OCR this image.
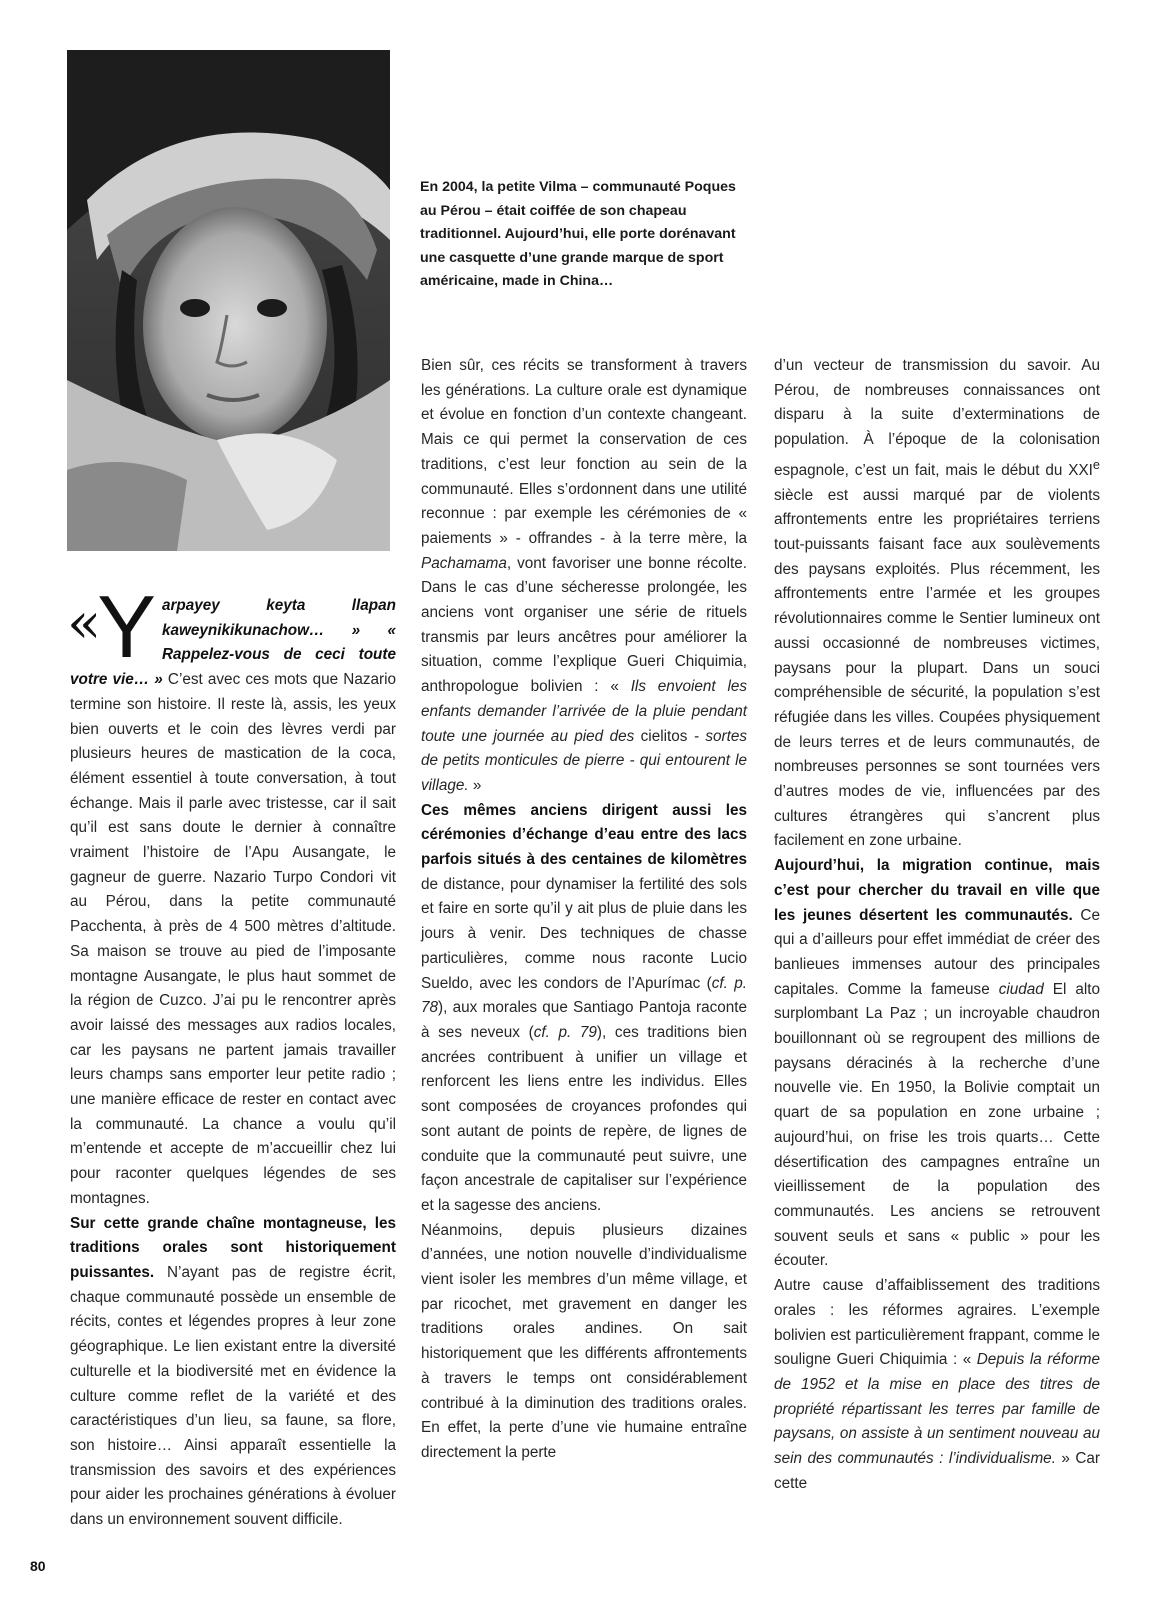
En 2004, la petite Vilma – communauté Poques au Pérou – était coiffée de son chapeau traditionnel. Aujourd’hui, elle porte dorénavant une casquette d’une grande marque de sport américaine, made in China…

« Y arpayey keyta llapan kaweynikikunachow… » « Rappelez-vous de ceci toute votre vie… » C’est avec ces mots que Nazario termine son histoire. Il reste là, assis, les yeux bien ouverts et le coin des lèvres verdi par plusieurs heures de mastication de la coca, élément essentiel à toute conversation, à tout échange. Mais il parle avec tristesse, car il sait qu’il est sans doute le dernier à connaître vraiment l’histoire de l’Apu Ausangate, le gagneur de guerre. Nazario Turpo Condori vit au Pérou, dans la petite communauté Pacchenta, à près de 4 500 mètres d’altitude. Sa maison se trouve au pied de l’imposante montagne Ausangate, le plus haut sommet de la région de Cuzco. J’ai pu le rencontrer après avoir laissé des messages aux radios locales, car les paysans ne partent jamais travailler leurs champs sans emporter leur petite radio ; une manière efficace de rester en contact avec la communauté. La chance a voulu qu’il m’entende et accepte de m’accueillir chez lui pour raconter quelques légendes de ses montagnes.

Sur cette grande chaîne montagneuse, les traditions orales sont historiquement puissantes. N’ayant pas de registre écrit, chaque communauté possède un ensemble de récits, contes et légendes propres à leur zone géographique. Le lien existant entre la diversité culturelle et la biodiversité met en évidence la culture comme reflet de la variété et des caractéristiques d’un lieu, sa faune, sa flore, son histoire… Ainsi apparaît essentielle la transmission des savoirs et des expériences pour aider les prochaines générations à évoluer dans un environnement souvent difficile.

Bien sûr, ces récits se transforment à travers les générations. La culture orale est dynamique et évolue en fonction d’un contexte changeant. Mais ce qui permet la conservation de ces traditions, c’est leur fonction au sein de la communauté. Elles s’ordonnent dans une utilité reconnue : par exemple les cérémonies de « paiements » - offrandes - à la terre mère, la Pachamama, vont favoriser une bonne récolte. Dans le cas d’une sécheresse prolongée, les anciens vont organiser une série de rituels transmis par leurs ancêtres pour améliorer la situation, comme l’explique Gueri Chiquimia, anthropologue bolivien : « Ils envoient les enfants demander l’arrivée de la pluie pendant toute une journée au pied des cielitos - sortes de petits monticules de pierre - qui entourent le village. »

Ces mêmes anciens dirigent aussi les cérémonies d’échange d’eau entre des lacs parfois situés à des centaines de kilomètres de distance, pour dynamiser la fertilité des sols et faire en sorte qu’il y ait plus de pluie dans les jours à venir. Des techniques de chasse particulières, comme nous raconte Lucio Sueldo, avec les condors de l’Apurímac (cf. p. 78), aux morales que Santiago Pantoja raconte à ses neveux (cf. p. 79), ces traditions bien ancrées contribuent à unifier un village et renforcent les liens entre les individus. Elles sont composées de croyances profondes qui sont autant de points de repère, de lignes de conduite que la communauté peut suivre, une façon ancestrale de capitaliser sur l’expérience et la sagesse des anciens.

Néanmoins, depuis plusieurs dizaines d’années, une notion nouvelle d’individualisme vient isoler les membres d’un même village, et par ricochet, met gravement en danger les traditions orales andines. On sait historiquement que les différents affrontements à travers le temps ont considérablement contribué à la diminution des traditions orales. En effet, la perte d’une vie humaine entraîne directement la perte

d’un vecteur de transmission du savoir. Au Pérou, de nombreuses connaissances ont disparu à la suite d’exterminations de population. À l’époque de la colonisation espagnole, c’est un fait, mais le début du XXIe siècle est aussi marqué par de violents affrontements entre les propriétaires terriens tout-puissants faisant face aux soulèvements des paysans exploités. Plus récemment, les affrontements entre l’armée et les groupes révolutionnaires comme le Sentier lumineux ont aussi occasionné de nombreuses victimes, paysans pour la plupart. Dans un souci compréhensible de sécurité, la population s’est réfugiée dans les villes. Coupées physiquement de leurs terres et de leurs communautés, de nombreuses personnes se sont tournées vers d’autres modes de vie, influencées par des cultures étrangères qui s’ancrent plus facilement en zone urbaine.

Aujourd’hui, la migration continue, mais c’est pour chercher du travail en ville que les jeunes désertent les communautés. Ce qui a d’ailleurs pour effet immédiat de créer des banlieues immenses autour des principales capitales. Comme la fameuse ciudad El alto surplombant La Paz ; un incroyable chaudron bouillonnant où se regroupent des millions de paysans déracinés à la recherche d’une nouvelle vie. En 1950, la Bolivie comptait un quart de sa population en zone urbaine ; aujourd’hui, on frise les trois quarts… Cette désertification des campagnes entraîne un vieillissement de la population des communautés. Les anciens se retrouvent souvent seuls et sans « public » pour les écouter.

Autre cause d’affaiblissement des traditions orales : les réformes agraires. L’exemple bolivien est particulièrement frappant, comme le souligne Gueri Chiquimia : « Depuis la réforme de 1952 et la mise en place des titres de propriété répartissant les terres par famille de paysans, on assiste à un sentiment nouveau au sein des communautés : l’individualisme. » Car cette

80
